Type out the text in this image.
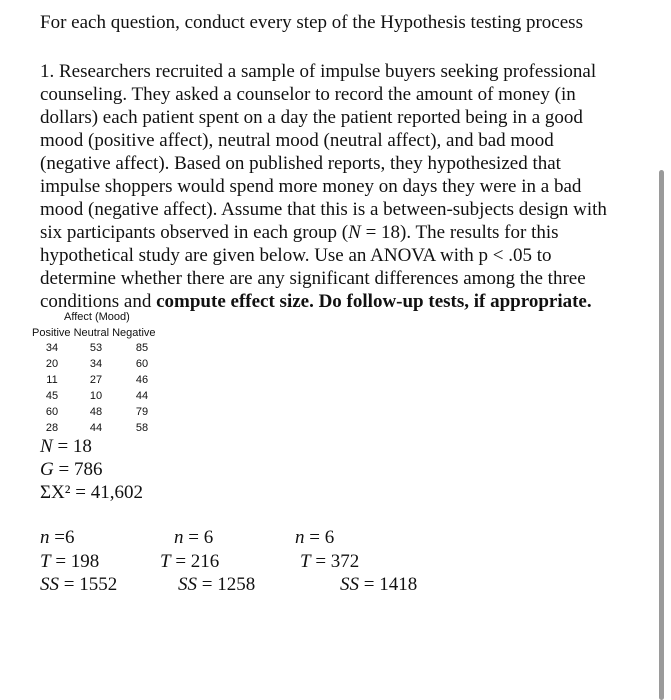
For each question, conduct every step of the Hypothesis testing process
1. Researchers recruited a sample of impulse buyers seeking professional
counseling. They asked a counselor to record the amount of money (in
dollars) each patient spent on a day the patient reported being in a good
mood (positive affect), neutral mood (neutral affect), and bad mood
(negative affect). Based on published reports, they hypothesized that
impulse shoppers would spend more money on days they were in a bad
mood (negative affect). Assume that this is a between-subjects design with
six participants observed in each group (N = 18). The results for this
hypothetical study are given below. Use an ANOVA with p < .05 to
determine whether there are any significant differences among the three
conditions and compute effect size. Do follow-up tests, if appropriate.
Affect (Mood)
Positive Neutral Negative
34	53	85
20	34	60
11	27	46
45	10	44
60	48	79
28	44	58
N = 18
G = 786
ΣX² = 41,602
n =6
T = 198
SS = 1552
n = 6
T = 216
SS = 1258
n = 6
T = 372
SS = 1418
